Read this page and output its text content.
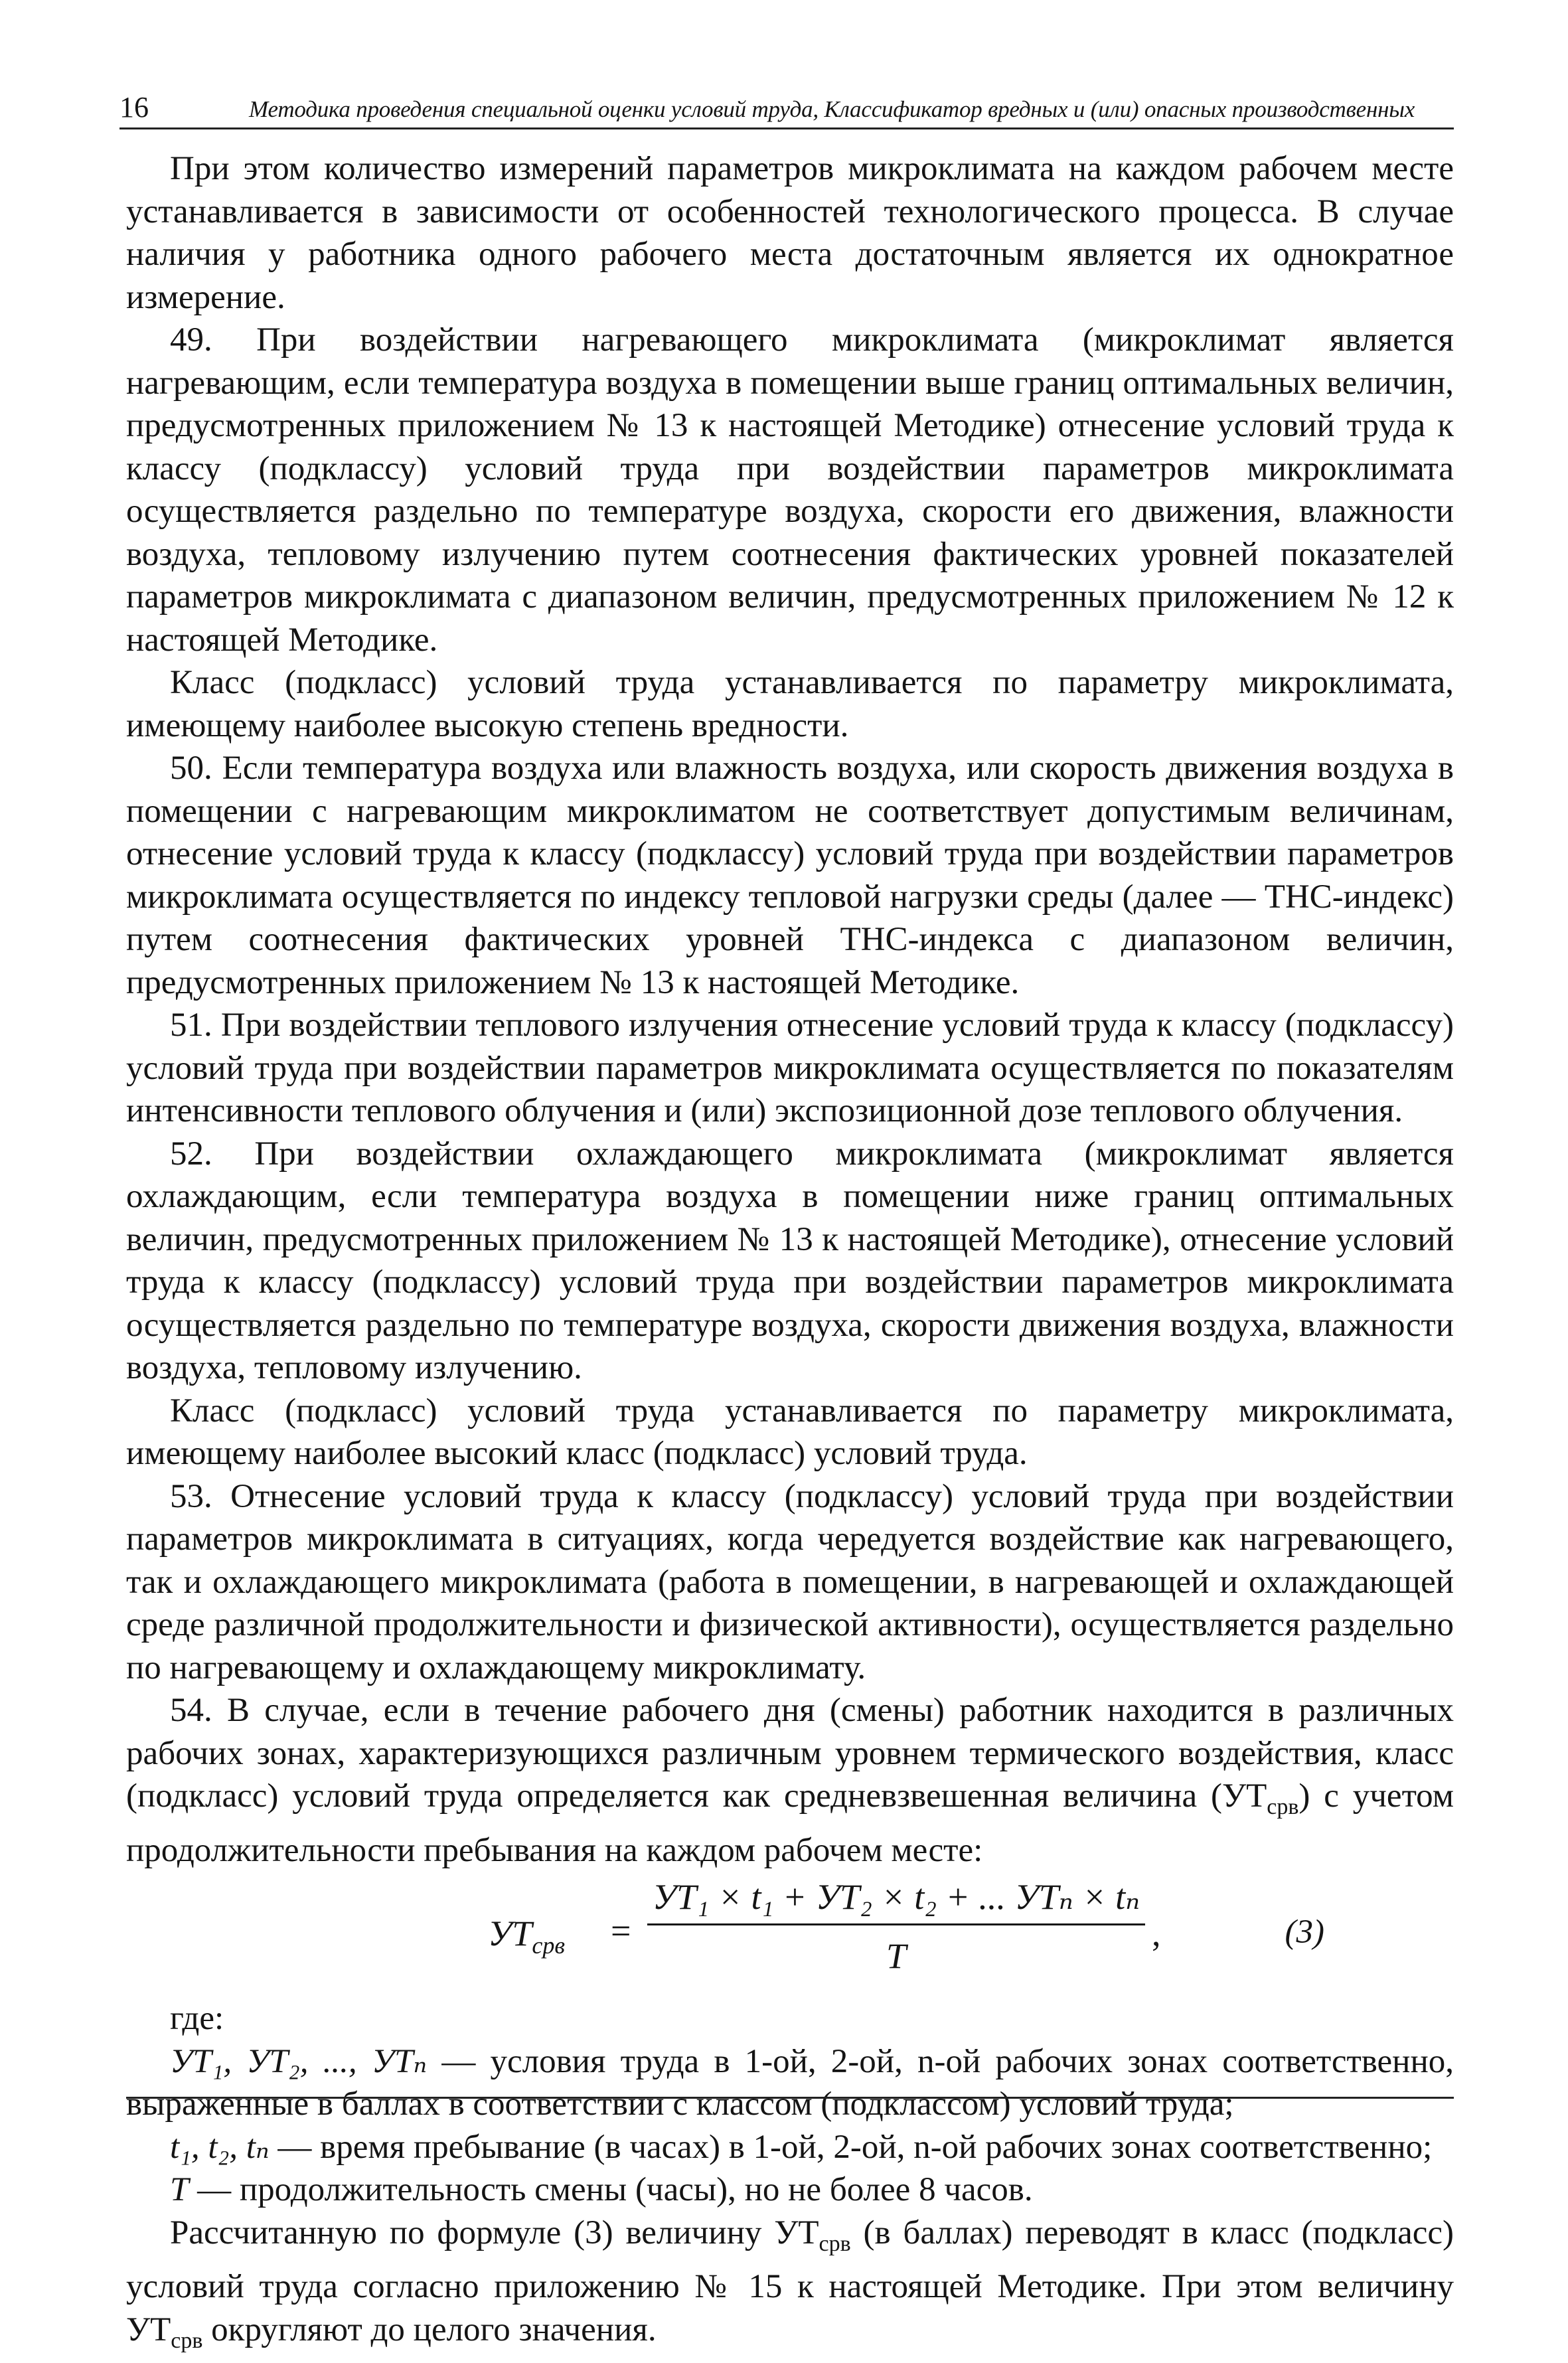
16	Методика проведения специальной оценки условий труда, Классификатор вредных и (или) опасных производственных

При этом количество измерений параметров микроклимата на каждом рабочем месте устанавливается в зависимости от особенностей технологического процесса. В случае наличия у работника одного рабочего места достаточным является их однократное измерение.

49. При воздействии нагревающего микроклимата (микроклимат является нагревающим, если температура воздуха в помещении выше границ оптимальных величин, предусмотренных приложением № 13 к настоящей Методике) отнесение условий труда к классу (подклассу) условий труда при воздействии параметров микроклимата осуществляется раздельно по температуре воздуха, скорости его движения, влажности воздуха, тепловому излучению путем соотнесения фактических уровней показателей параметров микроклимата с диапазоном величин, предусмотренных приложением № 12 к настоящей Методике.

Класс (подкласс) условий труда устанавливается по параметру микроклимата, имеющему наиболее высокую степень вредности.

50. Если температура воздуха или влажность воздуха, или скорость движения воздуха в помещении с нагревающим микроклиматом не соответствует допустимым величинам, отнесение условий труда к классу (подклассу) условий труда при воздействии параметров микроклимата осуществляется по индексу тепловой нагрузки среды (далее — ТНС-индекс) путем соотнесения фактических уровней ТНС-индекса с диапазоном величин, предусмотренных приложением № 13 к настоящей Методике.

51. При воздействии теплового излучения отнесение условий труда к классу (подклассу) условий труда при воздействии параметров микроклимата осуществляется по показателям интенсивности теплового облучения и (или) экспозиционной дозе теплового облучения.

52. При воздействии охлаждающего микроклимата (микроклимат является охлаждающим, если температура воздуха в помещении ниже границ оптимальных величин, предусмотренных приложением № 13 к настоящей Методике), отнесение условий труда к классу (подклассу) условий труда при воздействии параметров микроклимата осуществляется раздельно по температуре воздуха, скорости движения воздуха, влажности воздуха, тепловому излучению.

Класс (подкласс) условий труда устанавливается по параметру микроклимата, имеющему наиболее высокий класс (подкласс) условий труда.

53. Отнесение условий труда к классу (подклассу) условий труда при воздействии параметров микроклимата в ситуациях, когда чередуется воздействие как нагревающего, так и охлаждающего микроклимата (работа в помещении, в нагревающей и охлаждающей среде различной продолжительности и физической активности), осуществляется раздельно по нагревающему и охлаждающему микроклимату.

54. В случае, если в течение рабочего дня (смены) работник находится в различных рабочих зонах, характеризующихся различным уровнем термического воздействия, класс (подкласс) условий труда определяется как средневзвешенная величина $(УТ_{срв})$ с учетом продолжительности пребывания на каждом рабочем месте:

$УТ_{срв}$ =
УТ₁ × t₁ + УТ₂ × t₂ + ... УТₙ × tₙ
T
,	(3)

где:

УТ₁, УТ₂, ..., УТₙ — условия труда в 1-ой, 2-ой, n-ой рабочих зонах соответственно, выраженные в баллах в соответствии с классом (подклассом) условий труда;

t₁, t₂, tₙ — время пребывание (в часах) в 1-ой, 2-ой, n-ой рабочих зонах соответственно;

T — продолжительность смены (часы), но не более 8 часов.

Рассчитанную по формуле (3) величину $УТ_{срв}$ (в баллах) переводят в класс (подкласс) условий труда согласно приложению № 15 к настоящей Методике. При этом величину $УТ_{срв}$ округляют до целого значения.
